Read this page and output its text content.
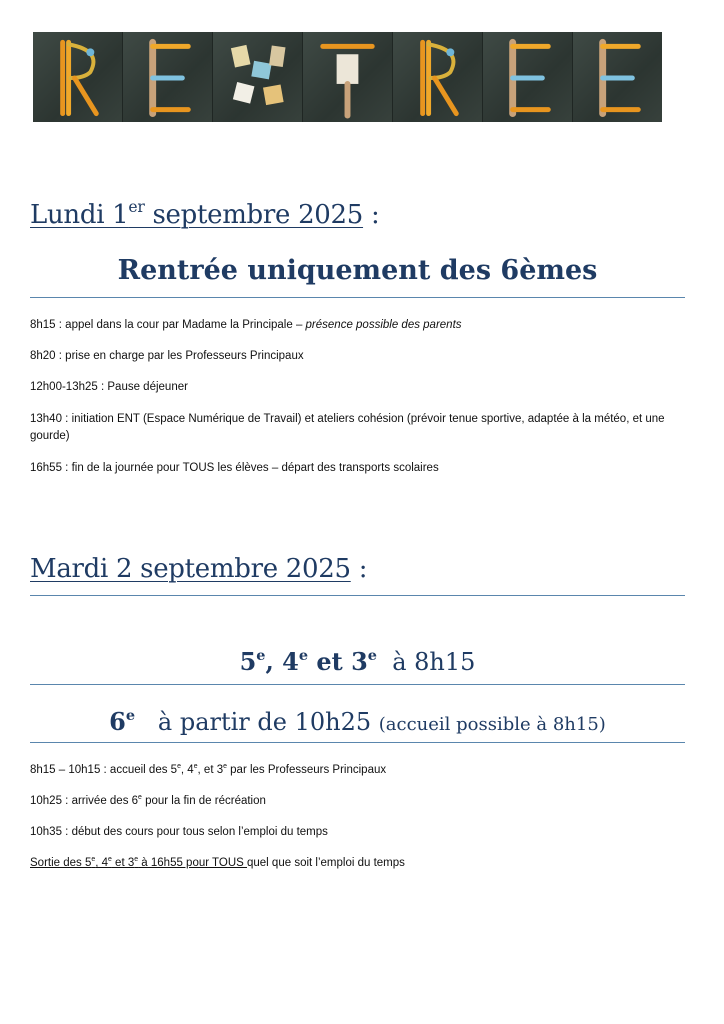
Lundi 1er septembre 2025 :
Rentrée uniquement des 6èmes
8h15 : appel dans la cour par Madame la Principale – présence possible des parents
8h20 : prise en charge par les Professeurs Principaux
12h00-13h25 : Pause déjeuner
13h40 : initiation ENT (Espace Numérique de Travail) et ateliers cohésion (prévoir tenue sportive, adaptée à la météo, et une gourde)
16h55 : fin de la journée pour TOUS les élèves – départ des transports scolaires
Mardi 2 septembre 2025 :
5e, 4e et 3e à 8h15
6e à partir de 10h25 (accueil possible à 8h15)
8h15 – 10h15 : accueil des 5e, 4e, et 3e par les Professeurs Principaux
10h25 : arrivée des 6e pour la fin de récréation
10h35 : début des cours pour tous selon l’emploi du temps
Sortie des 5e, 4e et 3e à 16h55 pour TOUS quel que soit l’emploi du temps
